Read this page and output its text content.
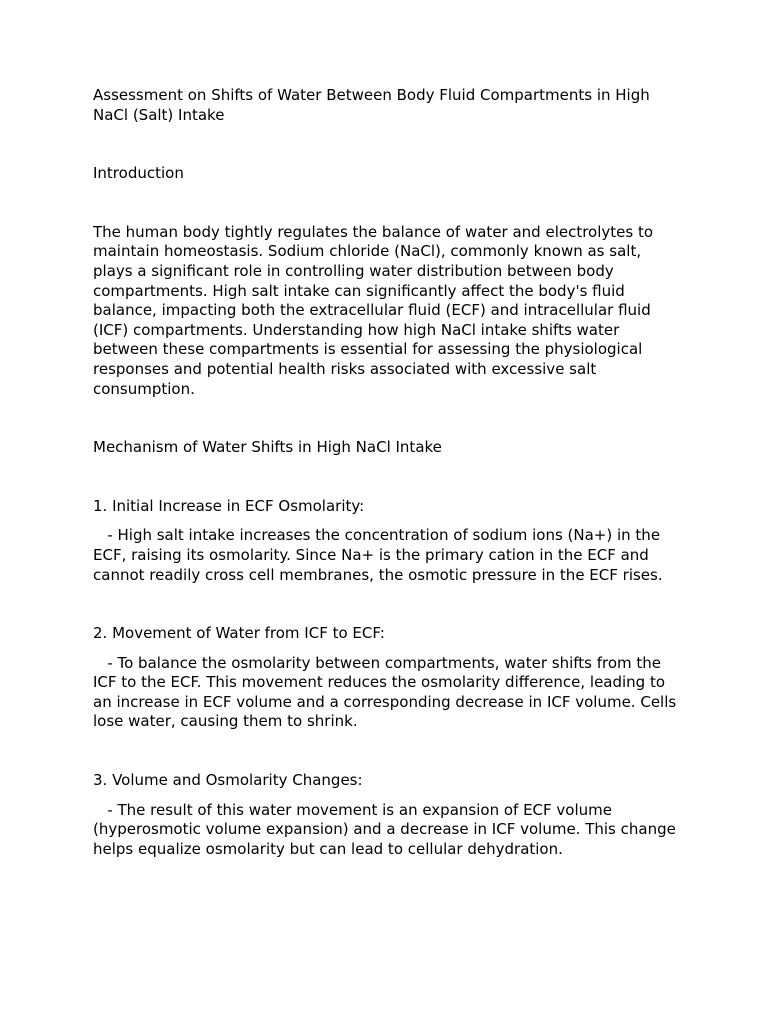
Assessment on Shifts of Water Between Body Fluid Compartments in High NaCl (Salt) Intake

Introduction

The human body tightly regulates the balance of water and electrolytes to maintain homeostasis. Sodium chloride (NaCl), commonly known as salt, plays a significant role in controlling water distribution between body compartments. High salt intake can significantly affect the body's fluid balance, impacting both the extracellular fluid (ECF) and intracellular fluid (ICF) compartments. Understanding how high NaCl intake shifts water between these compartments is essential for assessing the physiological responses and potential health risks associated with excessive salt consumption.

Mechanism of Water Shifts in High NaCl Intake

1. Initial Increase in ECF Osmolarity:

- High salt intake increases the concentration of sodium ions (Na+) in the ECF, raising its osmolarity. Since Na+ is the primary cation in the ECF and cannot readily cross cell membranes, the osmotic pressure in the ECF rises.

2. Movement of Water from ICF to ECF:

- To balance the osmolarity between compartments, water shifts from the ICF to the ECF. This movement reduces the osmolarity difference, leading to an increase in ECF volume and a corresponding decrease in ICF volume. Cells lose water, causing them to shrink.

3. Volume and Osmolarity Changes:

- The result of this water movement is an expansion of ECF volume (hyperosmotic volume expansion) and a decrease in ICF volume. This change helps equalize osmolarity but can lead to cellular dehydration.
